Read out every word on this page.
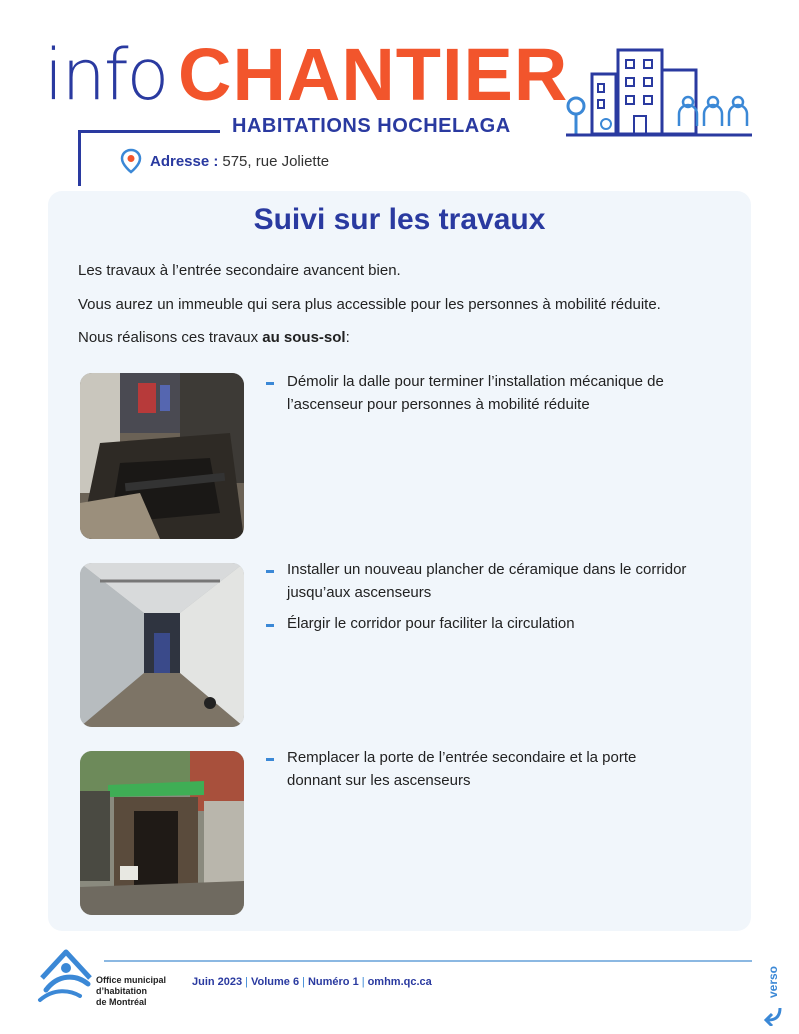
info CHANTIER
HABITATIONS HOCHELAGA
Adresse : 575, rue Joliette
Suivi sur les travaux

Les travaux à l’entrée secondaire avancent bien.

Vous aurez un immeuble qui sera plus accessible pour les personnes à mobilité réduite.

Nous réalisons ces travaux au sous-sol:

Démolir la dalle pour terminer l’installation mécanique de l’ascenseur pour personnes à mobilité réduite
Installer un nouveau plancher de céramique dans le corridor jusqu’aux ascenseurs
Élargir le corridor pour faciliter la circulation
Remplacer la porte de l’entrée secondaire et la porte donnant sur les ascenseurs
Office municipal
d’habitation
de Montréal
Juin 2023 | Volume 6 | Numéro 1 | omhm.qc.ca	verso
